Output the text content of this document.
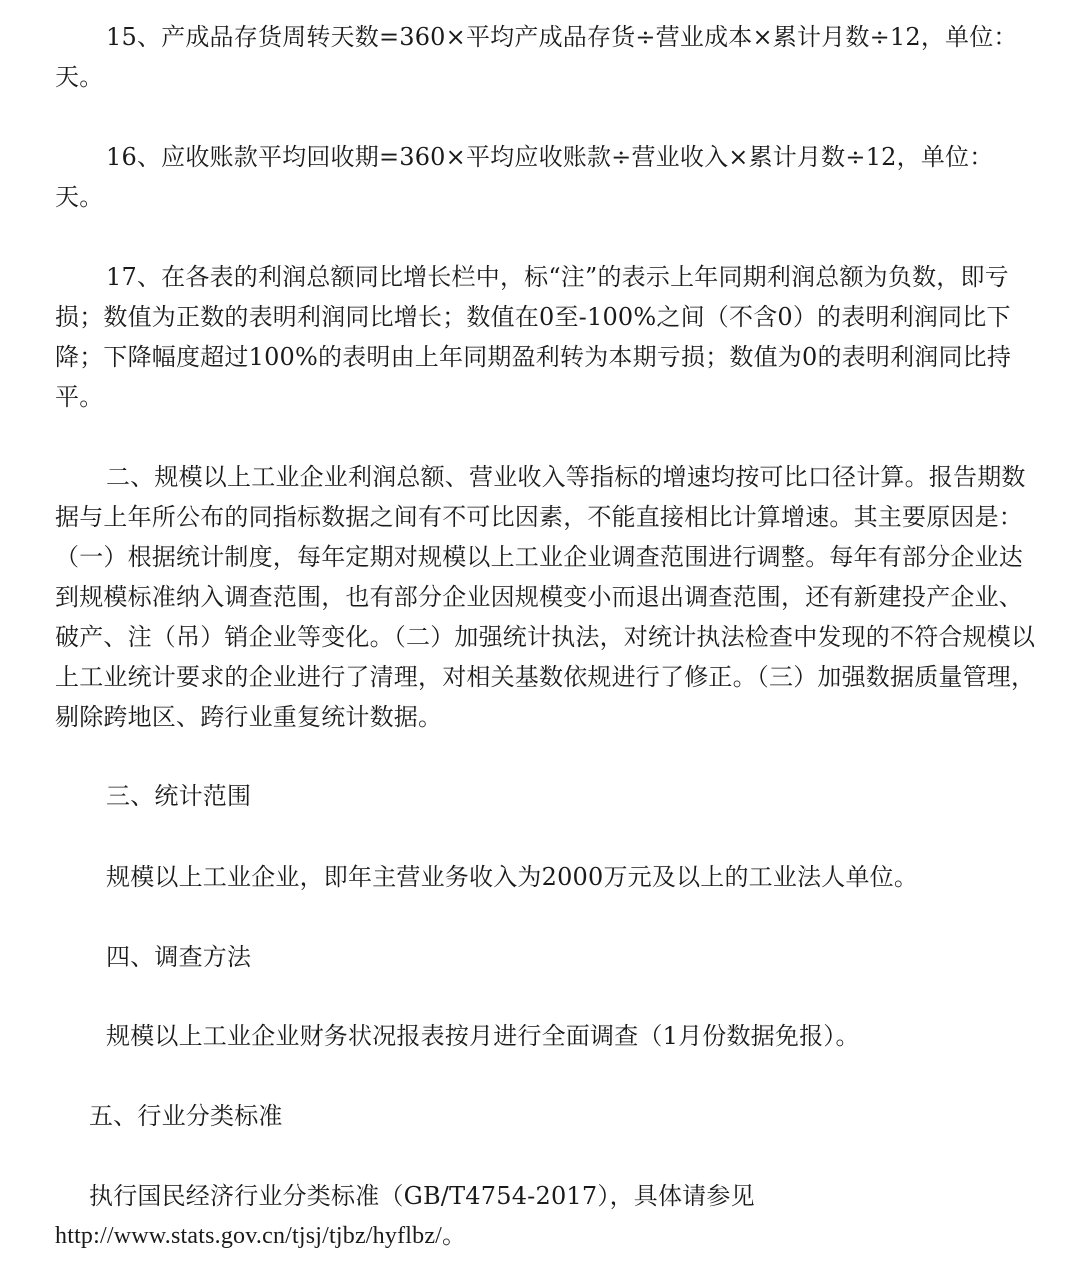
15、产成品存货周转天数=360×平均产成品存货÷营业成本×累计月数÷12，单位：天。

16、应收账款平均回收期=360×平均应收账款÷营业收入×累计月数÷12，单位：天。

17、在各表的利润总额同比增长栏中，标“注”的表示上年同期利润总额为负数，即亏损；数值为正数的表明利润同比增长；数值在0至-100%之间（不含0）的表明利润同比下降；下降幅度超过100%的表明由上年同期盈利转为本期亏损；数值为0的表明利润同比持平。

二、规模以上工业企业利润总额、营业收入等指标的增速均按可比口径计算。报告期数据与上年所公布的同指标数据之间有不可比因素，不能直接相比计算增速。其主要原因是：（一）根据统计制度，每年定期对规模以上工业企业调查范围进行调整。每年有部分企业达到规模标准纳入调查范围，也有部分企业因规模变小而退出调查范围，还有新建投产企业、破产、注（吊）销企业等变化。（二）加强统计执法，对统计执法检查中发现的不符合规模以上工业统计要求的企业进行了清理，对相关基数依规进行了修正。（三）加强数据质量管理，剔除跨地区、跨行业重复统计数据。

三、统计范围

规模以上工业企业，即年主营业务收入为2000万元及以上的工业法人单位。

四、调查方法

规模以上工业企业财务状况报表按月进行全面调查（1月份数据免报）。

五、行业分类标准

执行国民经济行业分类标准（GB/T4754-2017），具体请参见

http://www.stats.gov.cn/tjsj/tjbz/hyflbz/。
